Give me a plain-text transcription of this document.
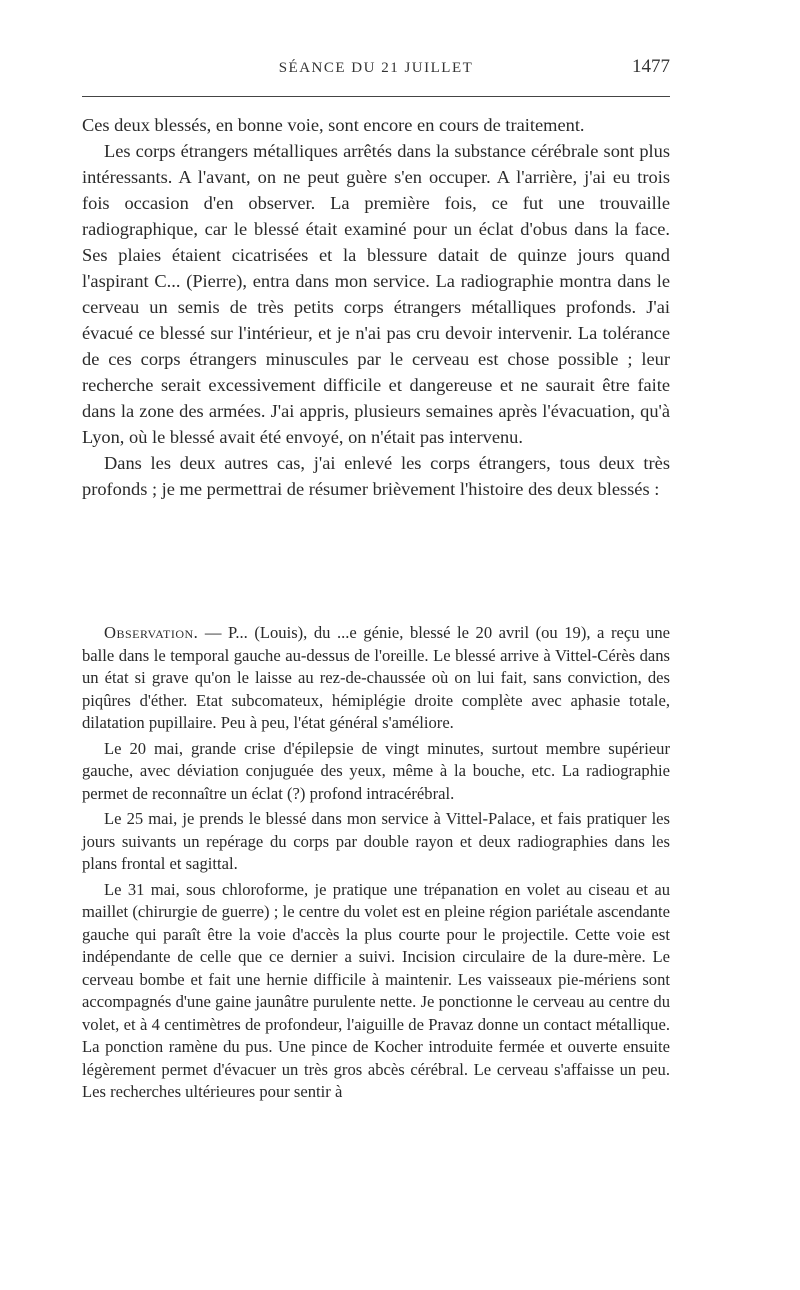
SÉANCE DU 21 JUILLET	1477

Ces deux blessés, en bonne voie, sont encore en cours de traitement.

Les corps étrangers métalliques arrêtés dans la substance cérébrale sont plus intéressants. A l'avant, on ne peut guère s'en occuper. A l'arrière, j'ai eu trois fois occasion d'en observer. La première fois, ce fut une trouvaille radiographique, car le blessé était examiné pour un éclat d'obus dans la face. Ses plaies étaient cicatrisées et la blessure datait de quinze jours quand l'aspirant C... (Pierre), entra dans mon service. La radiographie montra dans le cerveau un semis de très petits corps étrangers métalliques profonds. J'ai évacué ce blessé sur l'intérieur, et je n'ai pas cru devoir intervenir. La tolérance de ces corps étrangers minuscules par le cerveau est chose possible ; leur recherche serait excessivement difficile et dangereuse et ne saurait être faite dans la zone des armées. J'ai appris, plusieurs semaines après l'évacuation, qu'à Lyon, où le blessé avait été envoyé, on n'était pas intervenu.

Dans les deux autres cas, j'ai enlevé les corps étrangers, tous deux très profonds ; je me permettrai de résumer brièvement l'histoire des deux blessés :

Observation. — P... (Louis), du ...e génie, blessé le 20 avril (ou 19), a reçu une balle dans le temporal gauche au-dessus de l'oreille. Le blessé arrive à Vittel-Cérès dans un état si grave qu'on le laisse au rez-de-chaussée où on lui fait, sans conviction, des piqûres d'éther. Etat subcomateux, hémiplégie droite complète avec aphasie totale, dilatation pupillaire. Peu à peu, l'état général s'améliore.

Le 20 mai, grande crise d'épilepsie de vingt minutes, surtout membre supérieur gauche, avec déviation conjuguée des yeux, même à la bouche, etc. La radiographie permet de reconnaître un éclat (?) profond intracérébral.

Le 25 mai, je prends le blessé dans mon service à Vittel-Palace, et fais pratiquer les jours suivants un repérage du corps par double rayon et deux radiographies dans les plans frontal et sagittal.

Le 31 mai, sous chloroforme, je pratique une trépanation en volet au ciseau et au maillet (chirurgie de guerre) ; le centre du volet est en pleine région pariétale ascendante gauche qui paraît être la voie d'accès la plus courte pour le projectile. Cette voie est indépendante de celle que ce dernier a suivi. Incision circulaire de la dure-mère. Le cerveau bombe et fait une hernie difficile à maintenir. Les vaisseaux pie-mériens sont accompagnés d'une gaine jaunâtre purulente nette. Je ponctionne le cerveau au centre du volet, et à 4 centimètres de profondeur, l'aiguille de Pravaz donne un contact métallique. La ponction ramène du pus. Une pince de Kocher introduite fermée et ouverte ensuite légèrement permet d'évacuer un très gros abcès cérébral. Le cerveau s'affaisse un peu. Les recherches ultérieures pour sentir à
